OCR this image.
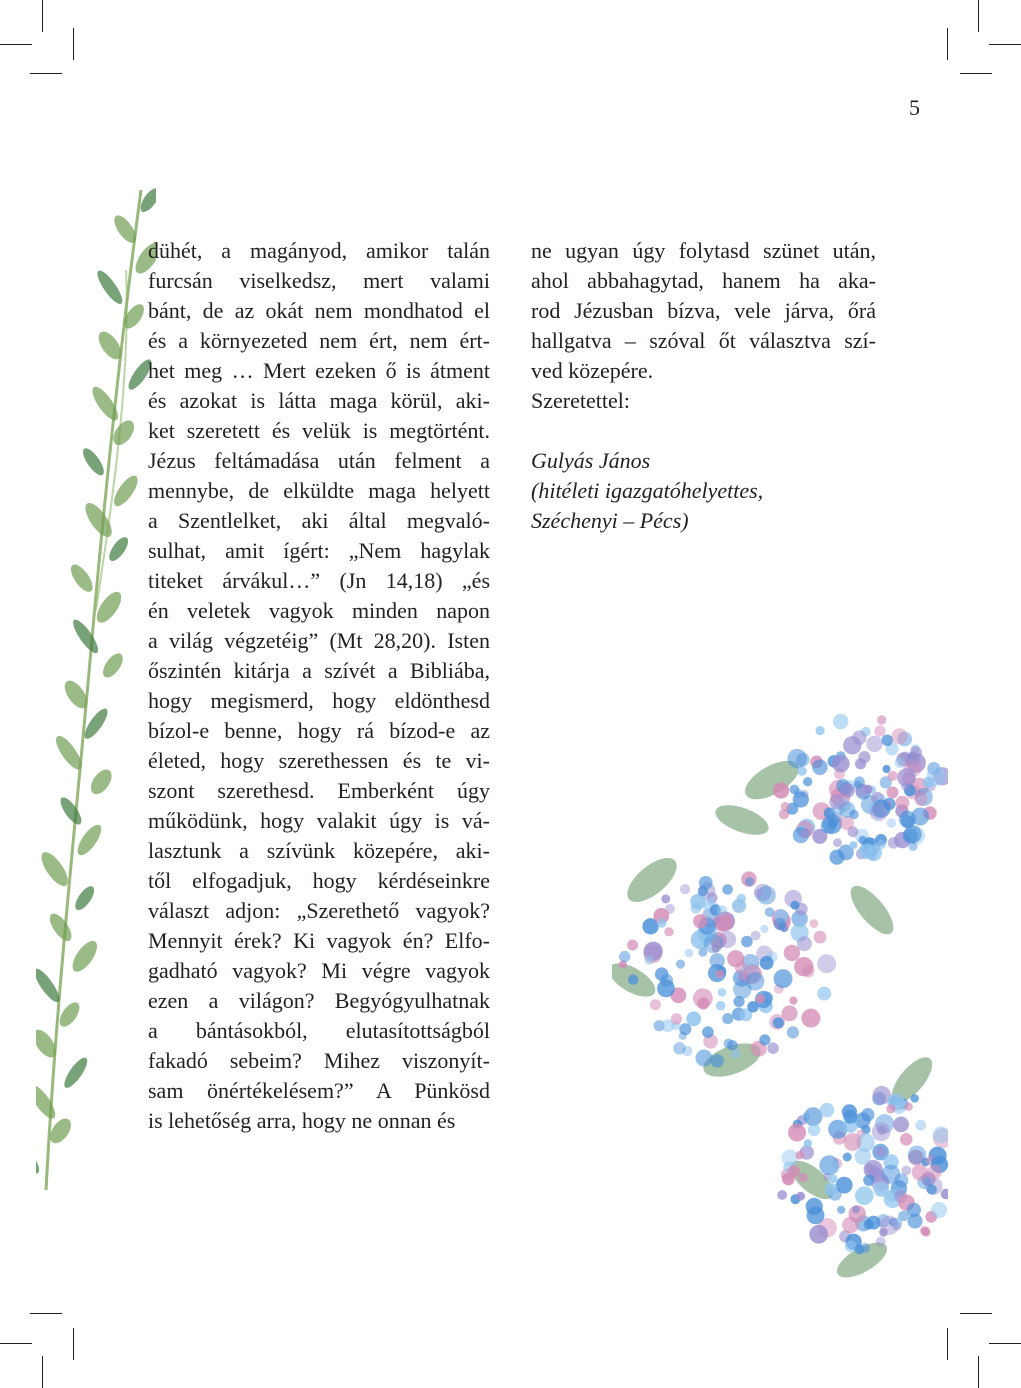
5
dühét, a magányod, amikor talán
furcsán viselkedsz, mert valami
bánt, de az okát nem mondhatod el
és a környezeted nem ért, nem ért-
het meg … Mert ezeken ő is átment
és azokat is látta maga körül, aki-
ket szeretett és velük is megtörtént.
Jézus feltámadása után felment a
mennybe, de elküldte maga helyett
a Szentlelket, aki által megvaló-
sulhat, amit ígért: „Nem hagylak
titeket árvákul…” (Jn 14,18) „és
én veletek vagyok minden napon
a világ végzetéig” (Mt 28,20). Isten
őszintén kitárja a szívét a Bibliába,
hogy megismerd, hogy eldönthesd
bízol-e benne, hogy rá bízod-e az
életed, hogy szerethessen és te vi-
szont szerethesd. Emberként úgy
működünk, hogy valakit úgy is vá-
lasztunk a szívünk közepére, aki-
től elfogadjuk, hogy kérdéseinkre
választ adjon: „Szerethető vagyok?
Mennyit érek? Ki vagyok én? Elfo-
gadható vagyok? Mi végre vagyok
ezen a világon? Begyógyulhatnak
a bántásokból, elutasítottságból
fakadó sebeim? Mihez viszonyít-
sam önértékelésem?” A Pünkösd
is lehetőség arra, hogy ne onnan és
ne ugyan úgy folytasd szünet után,
ahol abbahagytad, hanem ha aka-
rod Jézusban bízva, vele járva, őrá
hallgatva – szóval őt választva szí-
ved közepére.
Szeretettel:
Gulyás János
(hitéleti igazgatóhelyettes,
Széchenyi – Pécs)
